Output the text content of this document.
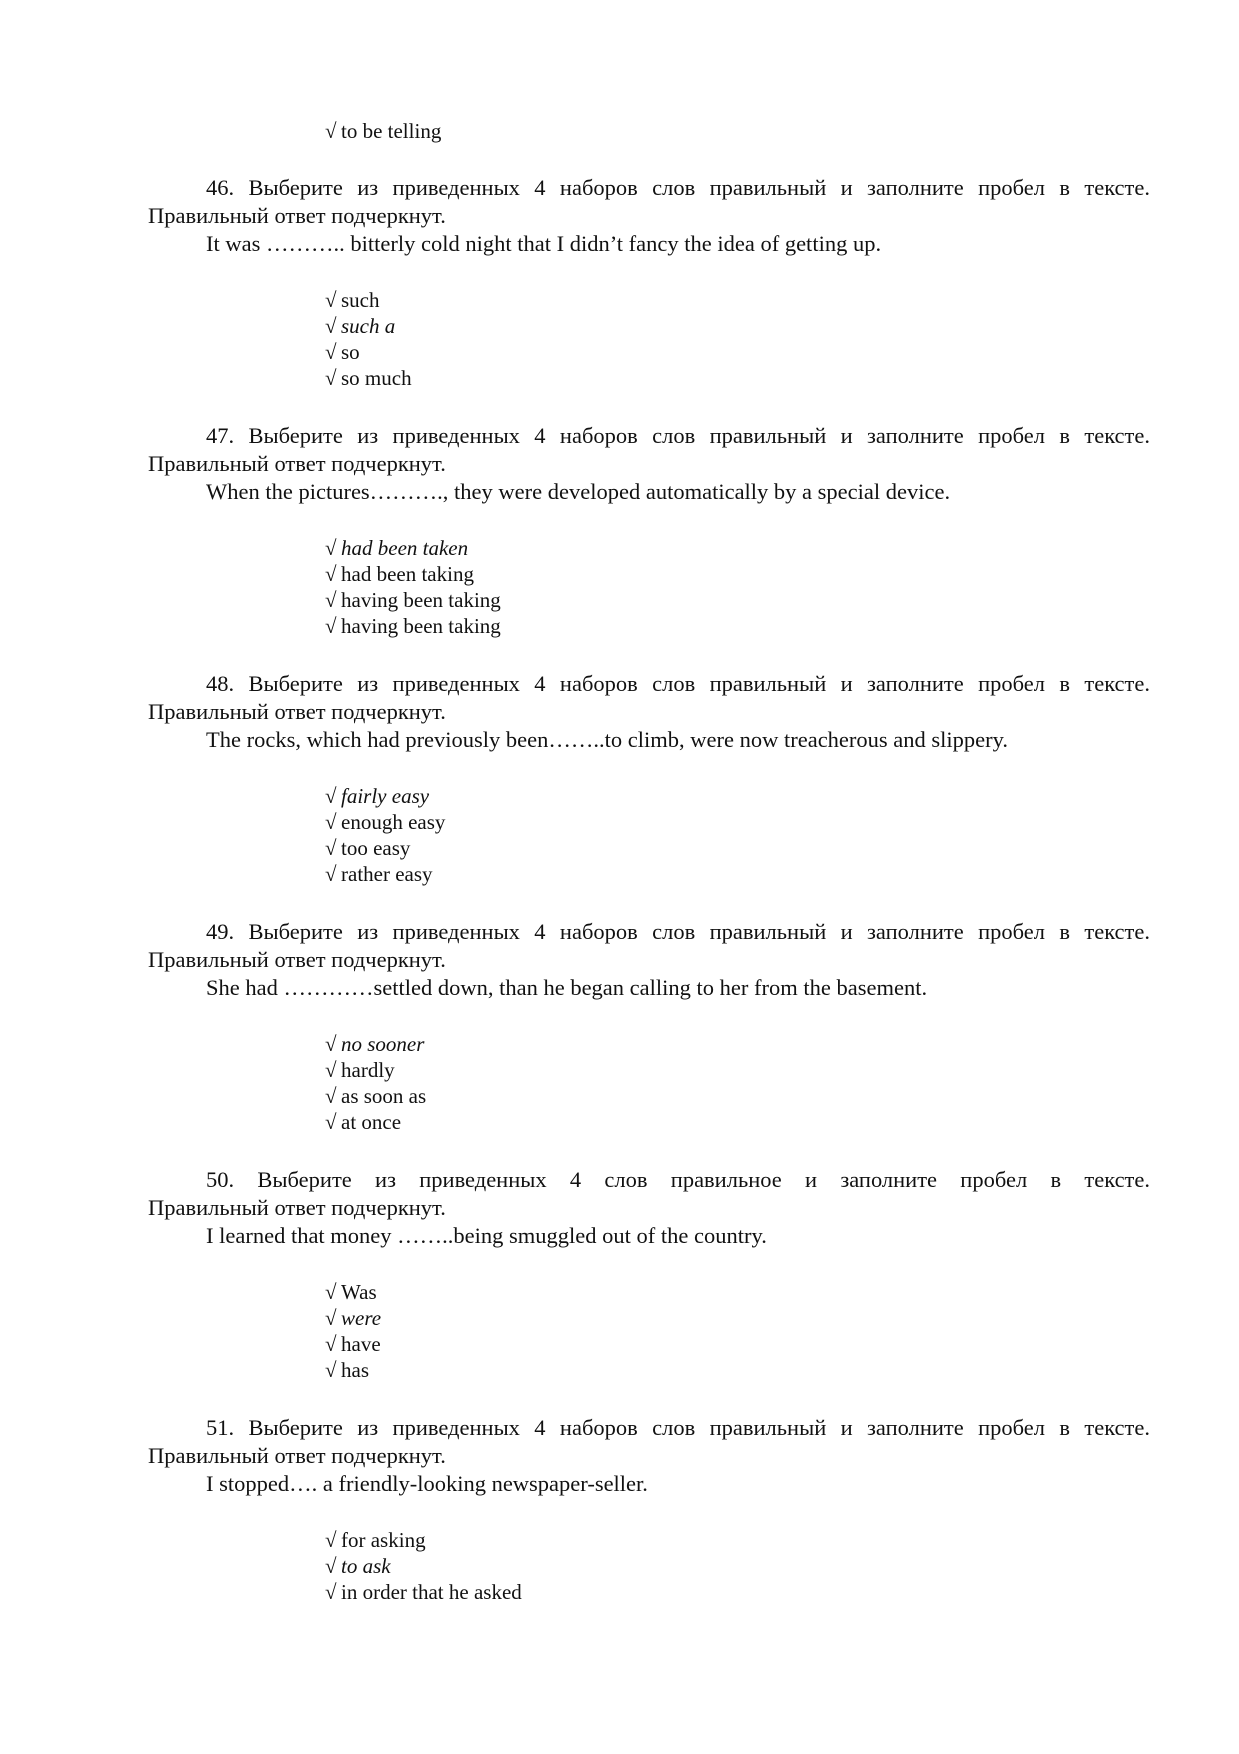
√ to be telling
46. Выберите из приведенных 4 наборов слов правильный и заполните пробел в тексте.
Правильный ответ подчеркнут.
It was ……….. bitterly cold night that I didn’t fancy the idea of getting up.
√ such
√ such a
√ so
√ so much
47. Выберите из приведенных 4 наборов слов правильный и заполните пробел в тексте.
Правильный ответ подчеркнут.
When the pictures………., they were developed automatically by a special device.
√ had been taken
√ had been taking
√ having been taking
√ having been taking
48. Выберите из приведенных 4 наборов слов правильный и заполните пробел в тексте.
Правильный ответ подчеркнут.
The rocks, which had previously been……..to climb, were now treacherous and slippery.
√ fairly easy
√ enough easy
√ too easy
√ rather easy
49. Выберите из приведенных 4 наборов слов правильный и заполните пробел в тексте.
Правильный ответ подчеркнут.
She had …………settled down, than he began calling to her from the basement.
√ no sooner
√ hardly
√ as soon as
√ at once
50. Выберите из приведенных 4 слов правильное и заполните пробел в тексте.
Правильный ответ подчеркнут.
I learned that money ……..being smuggled out of the country.
√ Was
√ were
√ have
√ has
51. Выберите из приведенных 4 наборов слов правильный и заполните пробел в тексте.
Правильный ответ подчеркнут.
I stopped…. a friendly-looking newspaper-seller.
√ for asking
√ to ask
√ in order that he asked
